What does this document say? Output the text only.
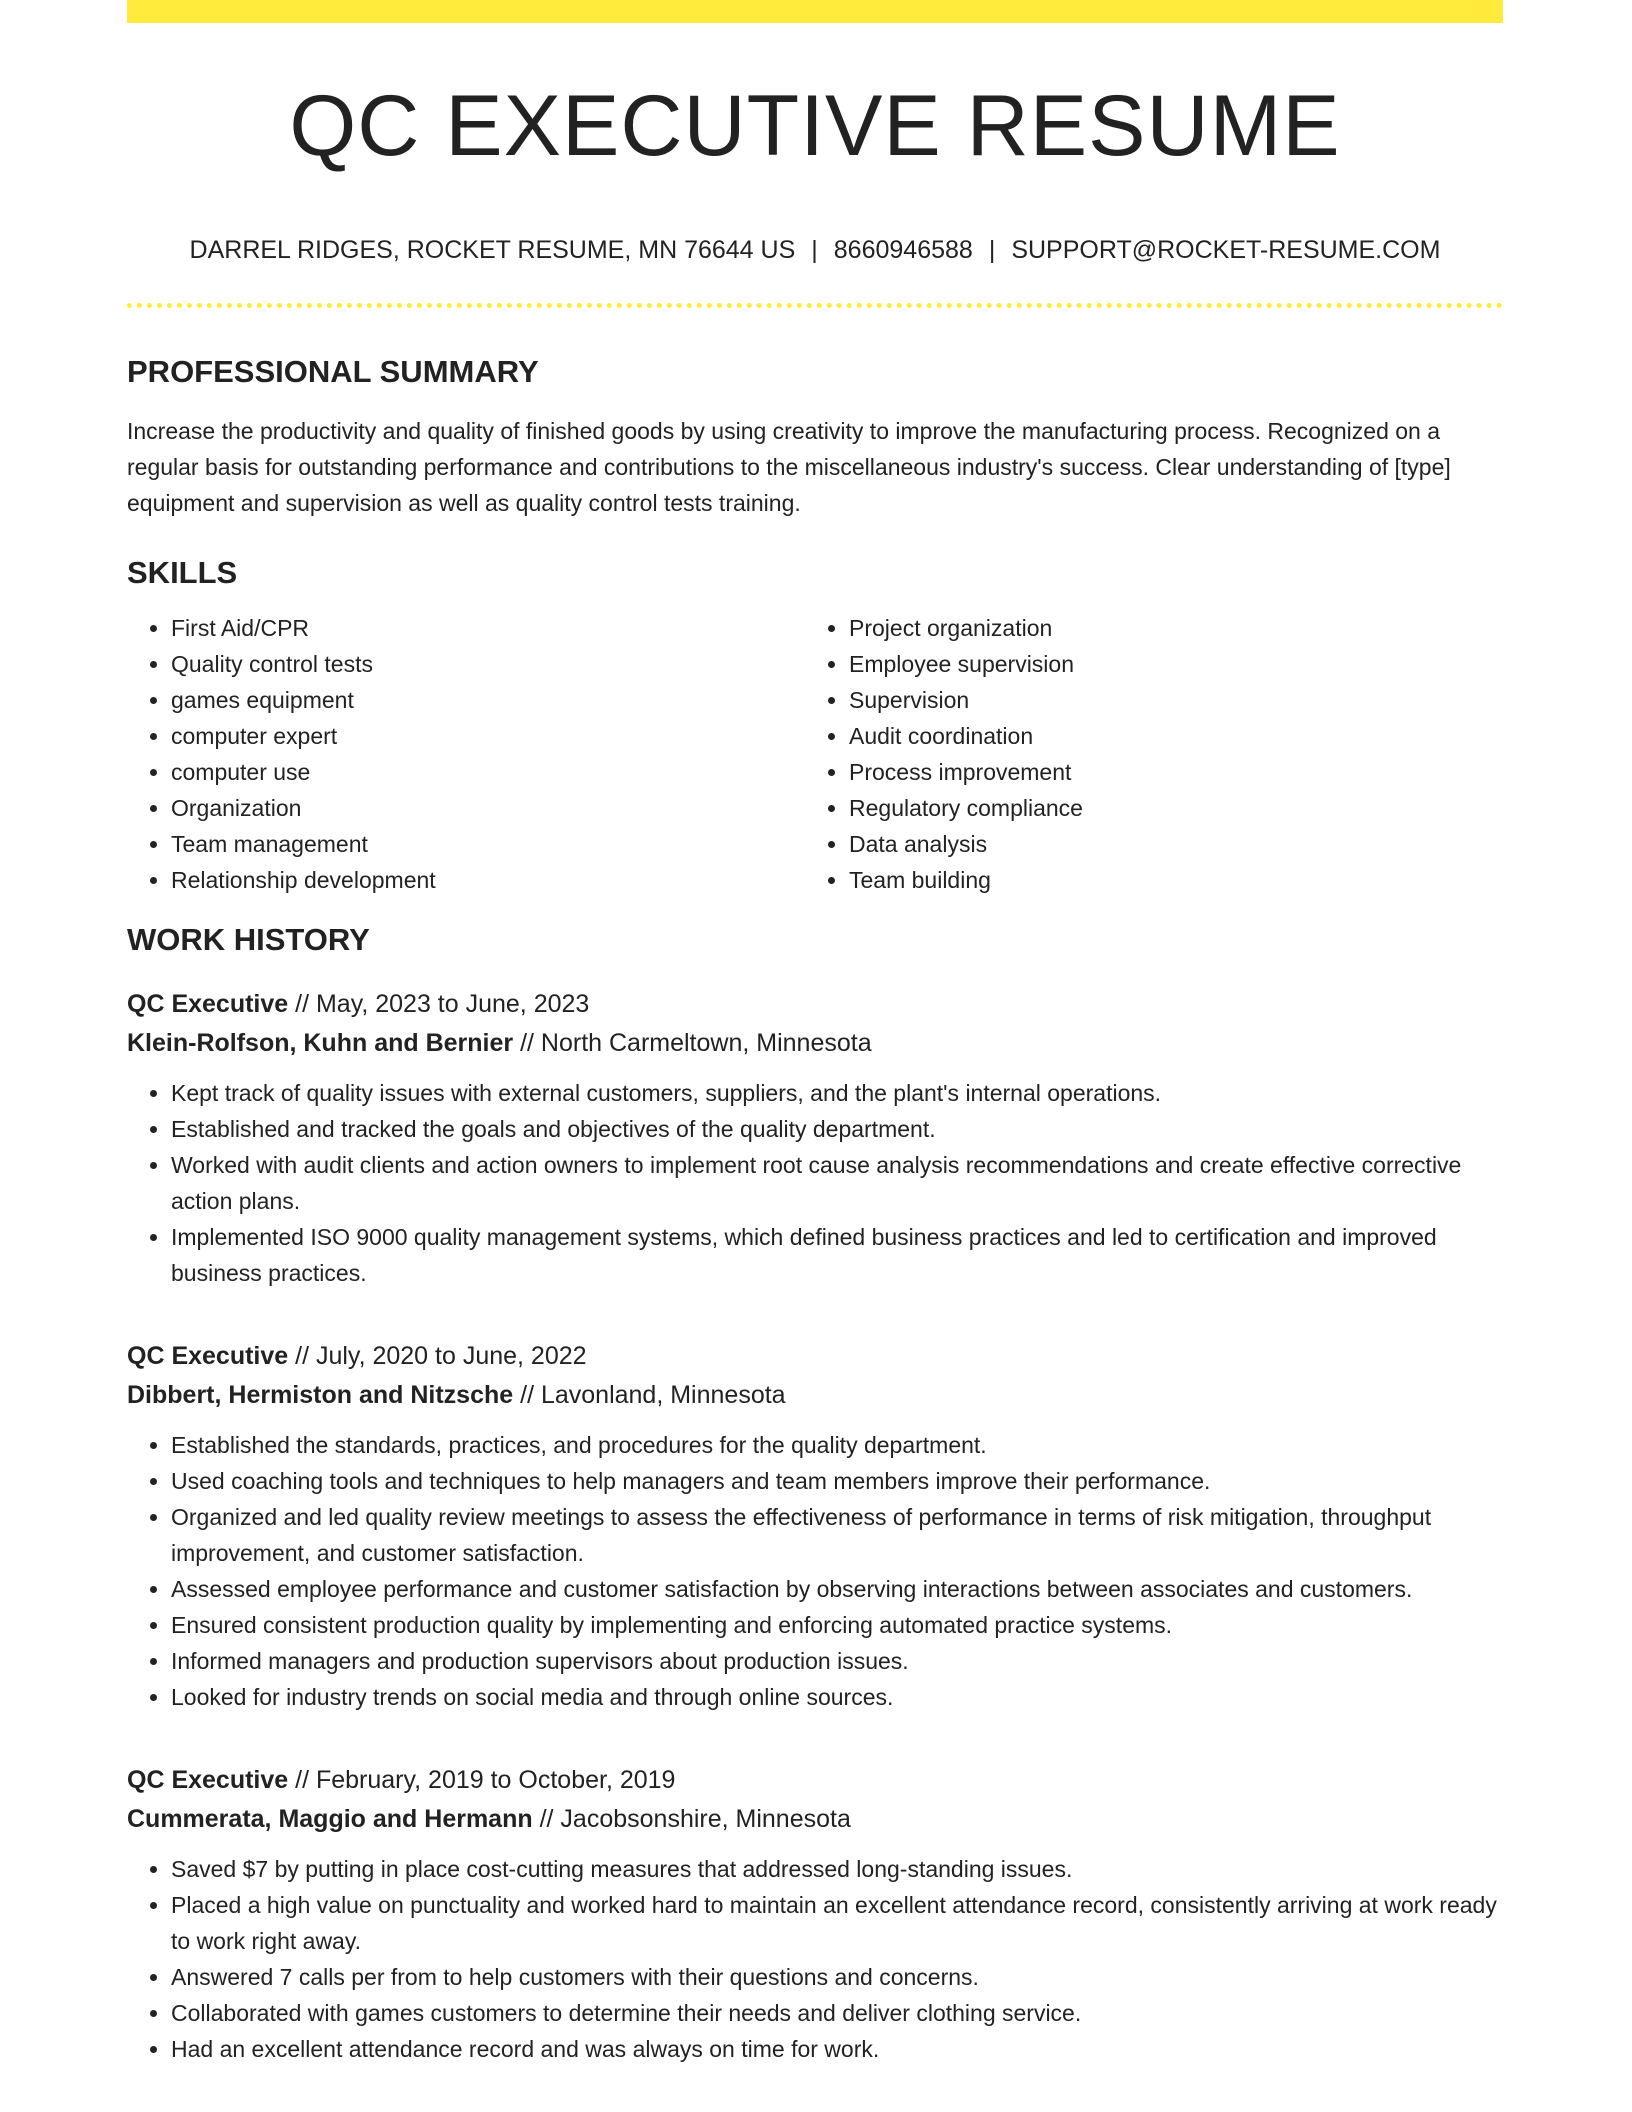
QC EXECUTIVE RESUME
DARREL RIDGES, ROCKET RESUME, MN 76644 US | 8660946588 | SUPPORT@ROCKET-RESUME.COM
PROFESSIONAL SUMMARY
Increase the productivity and quality of finished goods by using creativity to improve the manufacturing process. Recognized on a regular basis for outstanding performance and contributions to the miscellaneous industry's success. Clear understanding of [type] equipment and supervision as well as quality control tests training.
SKILLS
• First Aid/CPR
• Quality control tests
• games equipment
• computer expert
• computer use
• Organization
• Team management
• Relationship development
• Project organization
• Employee supervision
• Supervision
• Audit coordination
• Process improvement
• Regulatory compliance
• Data analysis
• Team building
WORK HISTORY
QC Executive // May, 2023 to June, 2023
Klein-Rolfson, Kuhn and Bernier // North Carmeltown, Minnesota
• Kept track of quality issues with external customers, suppliers, and the plant's internal operations.
• Established and tracked the goals and objectives of the quality department.
• Worked with audit clients and action owners to implement root cause analysis recommendations and create effective corrective action plans.
• Implemented ISO 9000 quality management systems, which defined business practices and led to certification and improved business practices.
QC Executive // July, 2020 to June, 2022
Dibbert, Hermiston and Nitzsche // Lavonland, Minnesota
• Established the standards, practices, and procedures for the quality department.
• Used coaching tools and techniques to help managers and team members improve their performance.
• Organized and led quality review meetings to assess the effectiveness of performance in terms of risk mitigation, throughput improvement, and customer satisfaction.
• Assessed employee performance and customer satisfaction by observing interactions between associates and customers.
• Ensured consistent production quality by implementing and enforcing automated practice systems.
• Informed managers and production supervisors about production issues.
• Looked for industry trends on social media and through online sources.
QC Executive // February, 2019 to October, 2019
Cummerata, Maggio and Hermann // Jacobsonshire, Minnesota
• Saved $7 by putting in place cost-cutting measures that addressed long-standing issues.
• Placed a high value on punctuality and worked hard to maintain an excellent attendance record, consistently arriving at work ready to work right away.
• Answered 7 calls per from to help customers with their questions and concerns.
• Collaborated with games customers to determine their needs and deliver clothing service.
• Had an excellent attendance record and was always on time for work.
